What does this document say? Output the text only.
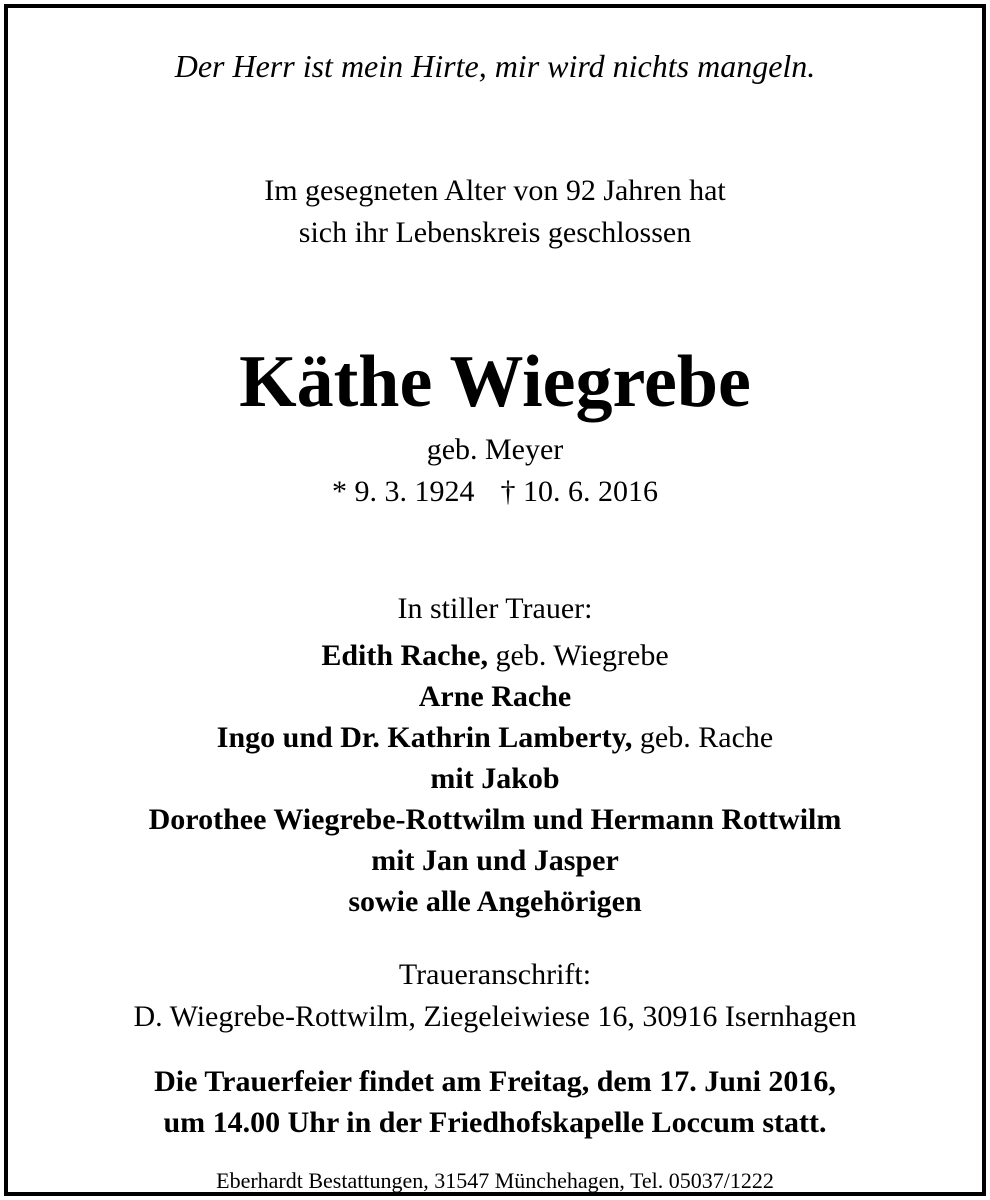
Der Herr ist mein Hirte, mir wird nichts mangeln.
Im gesegneten Alter von 92 Jahren hat
sich ihr Lebenskreis geschlossen
Käthe Wiegrebe
geb. Meyer
* 9. 3. 1924 † 10. 6. 2016
In stiller Trauer:
Edith Rache, geb. Wiegrebe
Arne Rache
Ingo und Dr. Kathrin Lamberty, geb. Rache
mit Jakob
Dorothee Wiegrebe-Rottwilm und Hermann Rottwilm
mit Jan und Jasper
sowie alle Angehörigen
Traueranschrift:
D. Wiegrebe-Rottwilm, Ziegeleiwiese 16, 30916 Isernhagen
Die Trauerfeier findet am Freitag, dem 17. Juni 2016,
um 14.00 Uhr in der Friedhofskapelle Loccum statt.
Eberhardt Bestattungen, 31547 Münchehagen, Tel. 05037/1222
